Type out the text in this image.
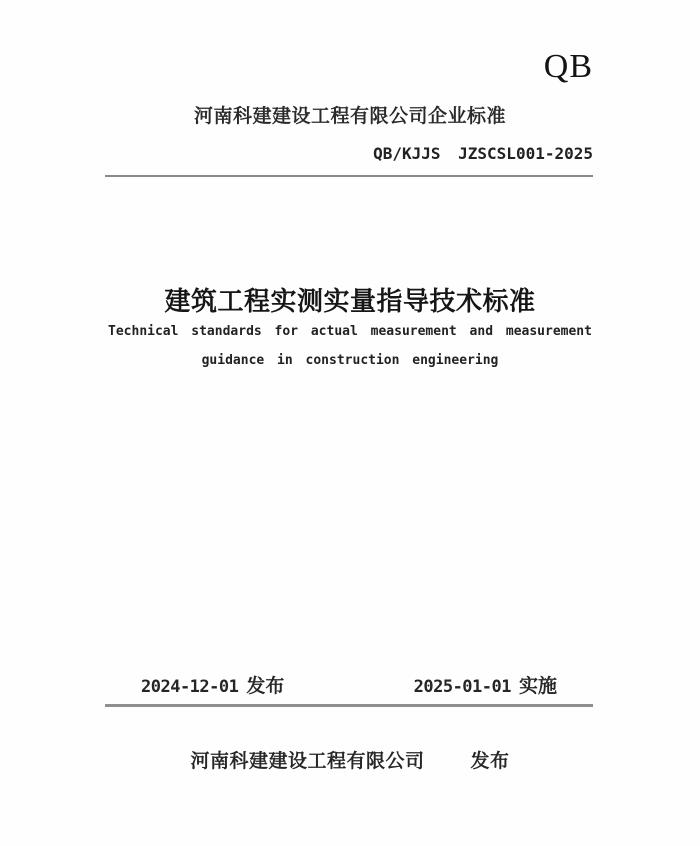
QB
河南科建建设工程有限公司企业标准
QB/KJJS JZSCSL001-2025
建筑工程实测实量指导技术标准
Technical standards for actual measurement and measurement
guidance in construction engineering
2024-12-01 发布	2025-01-01 实施
河南科建建设工程有限公司 发布
